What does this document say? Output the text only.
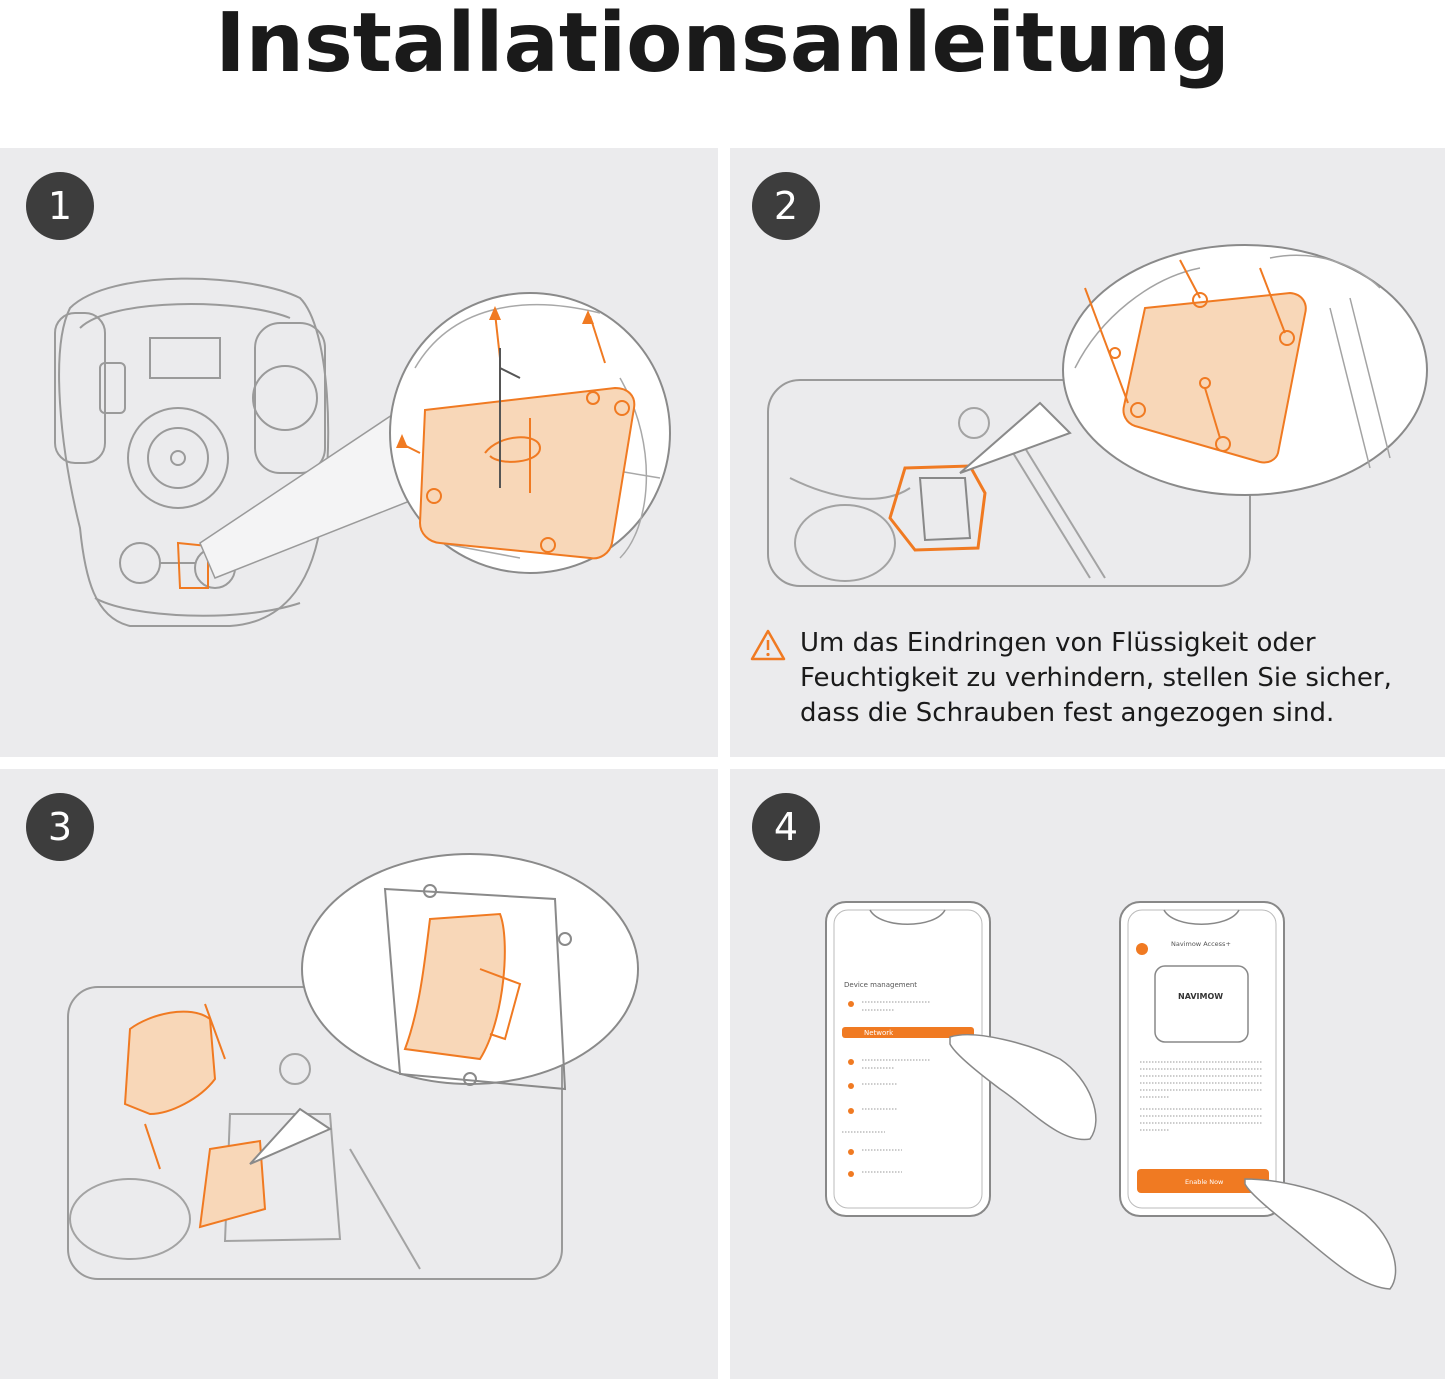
Installationsanleitung
1	2
Um das Eindringen von Flüssigkeit oder Feuchtigkeit zu verhindern, stellen Sie sicher, dass die Schrauben fest angezogen sind.
3	4
Device management
Network
Navimow Access+
NAVIMOW
Enable Now
